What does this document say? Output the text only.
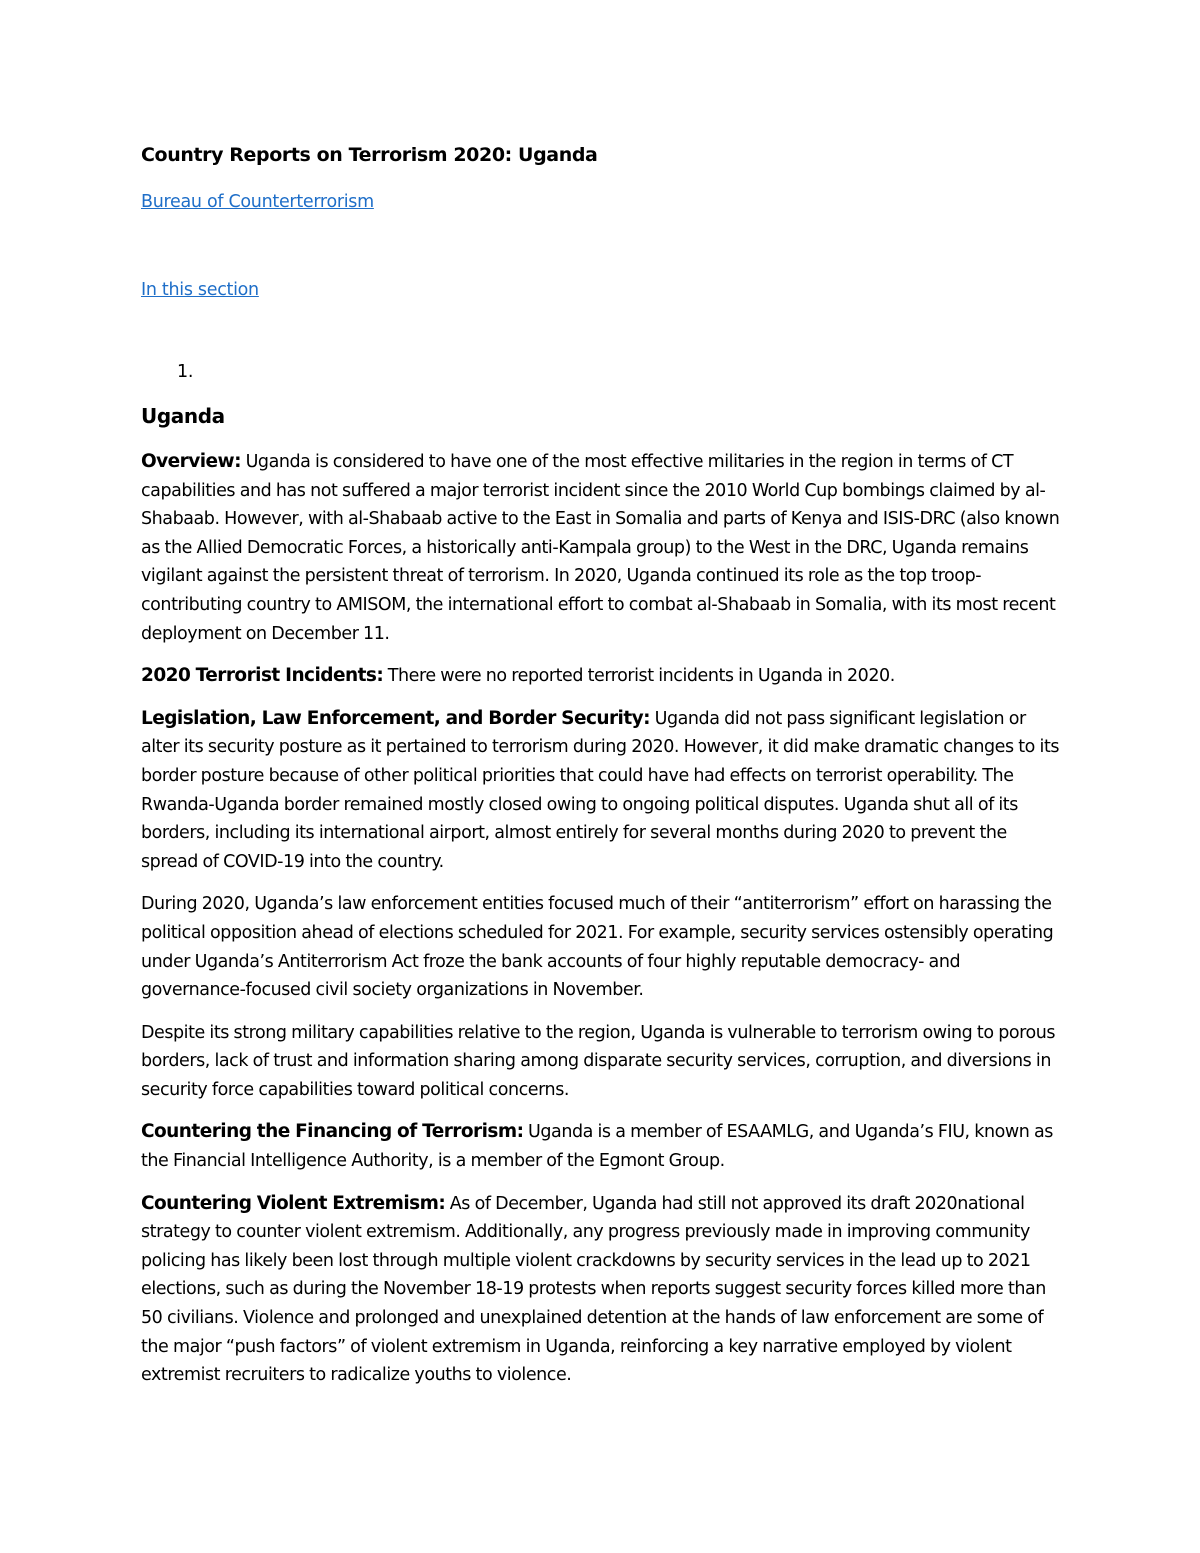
Country Reports on Terrorism 2020: Uganda
Bureau of Counterterrorism
In this section
1.
Uganda

Overview: Uganda is considered to have one of the most effective militaries in the region in terms of CT capabilities and has not suffered a major terrorist incident since the 2010 World Cup bombings claimed by al-Shabaab. However, with al-Shabaab active to the East in Somalia and parts of Kenya and ISIS-DRC (also known as the Allied Democratic Forces, a historically anti-Kampala group) to the West in the DRC, Uganda remains vigilant against the persistent threat of terrorism. In 2020, Uganda continued its role as the top troop-contributing country to AMISOM, the international effort to combat al-Shabaab in Somalia, with its most recent deployment on December 11.

2020 Terrorist Incidents: There were no reported terrorist incidents in Uganda in 2020.

Legislation, Law Enforcement, and Border Security: Uganda did not pass significant legislation or alter its security posture as it pertained to terrorism during 2020. However, it did make dramatic changes to its border posture because of other political priorities that could have had effects on terrorist operability. The Rwanda-Uganda border remained mostly closed owing to ongoing political disputes. Uganda shut all of its borders, including its international airport, almost entirely for several months during 2020 to prevent the spread of COVID-19 into the country.

During 2020, Uganda’s law enforcement entities focused much of their “antiterrorism” effort on harassing the political opposition ahead of elections scheduled for 2021. For example, security services ostensibly operating under Uganda’s Antiterrorism Act froze the bank accounts of four highly reputable democracy- and governance-focused civil society organizations in November.

Despite its strong military capabilities relative to the region, Uganda is vulnerable to terrorism owing to porous borders, lack of trust and information sharing among disparate security services, corruption, and diversions in security force capabilities toward political concerns.

Countering the Financing of Terrorism: Uganda is a member of ESAAMLG, and Uganda’s FIU, known as the Financial Intelligence Authority, is a member of the Egmont Group.

Countering Violent Extremism: As of December, Uganda had still not approved its draft 2020national strategy to counter violent extremism. Additionally, any progress previously made in improving community policing has likely been lost through multiple violent crackdowns by security services in the lead up to 2021 elections, such as during the November 18-19 protests when reports suggest security forces killed more than 50 civilians. Violence and prolonged and unexplained detention at the hands of law enforcement are some of the major “push factors” of violent extremism in Uganda, reinforcing a key narrative employed by violent extremist recruiters to radicalize youths to violence.
